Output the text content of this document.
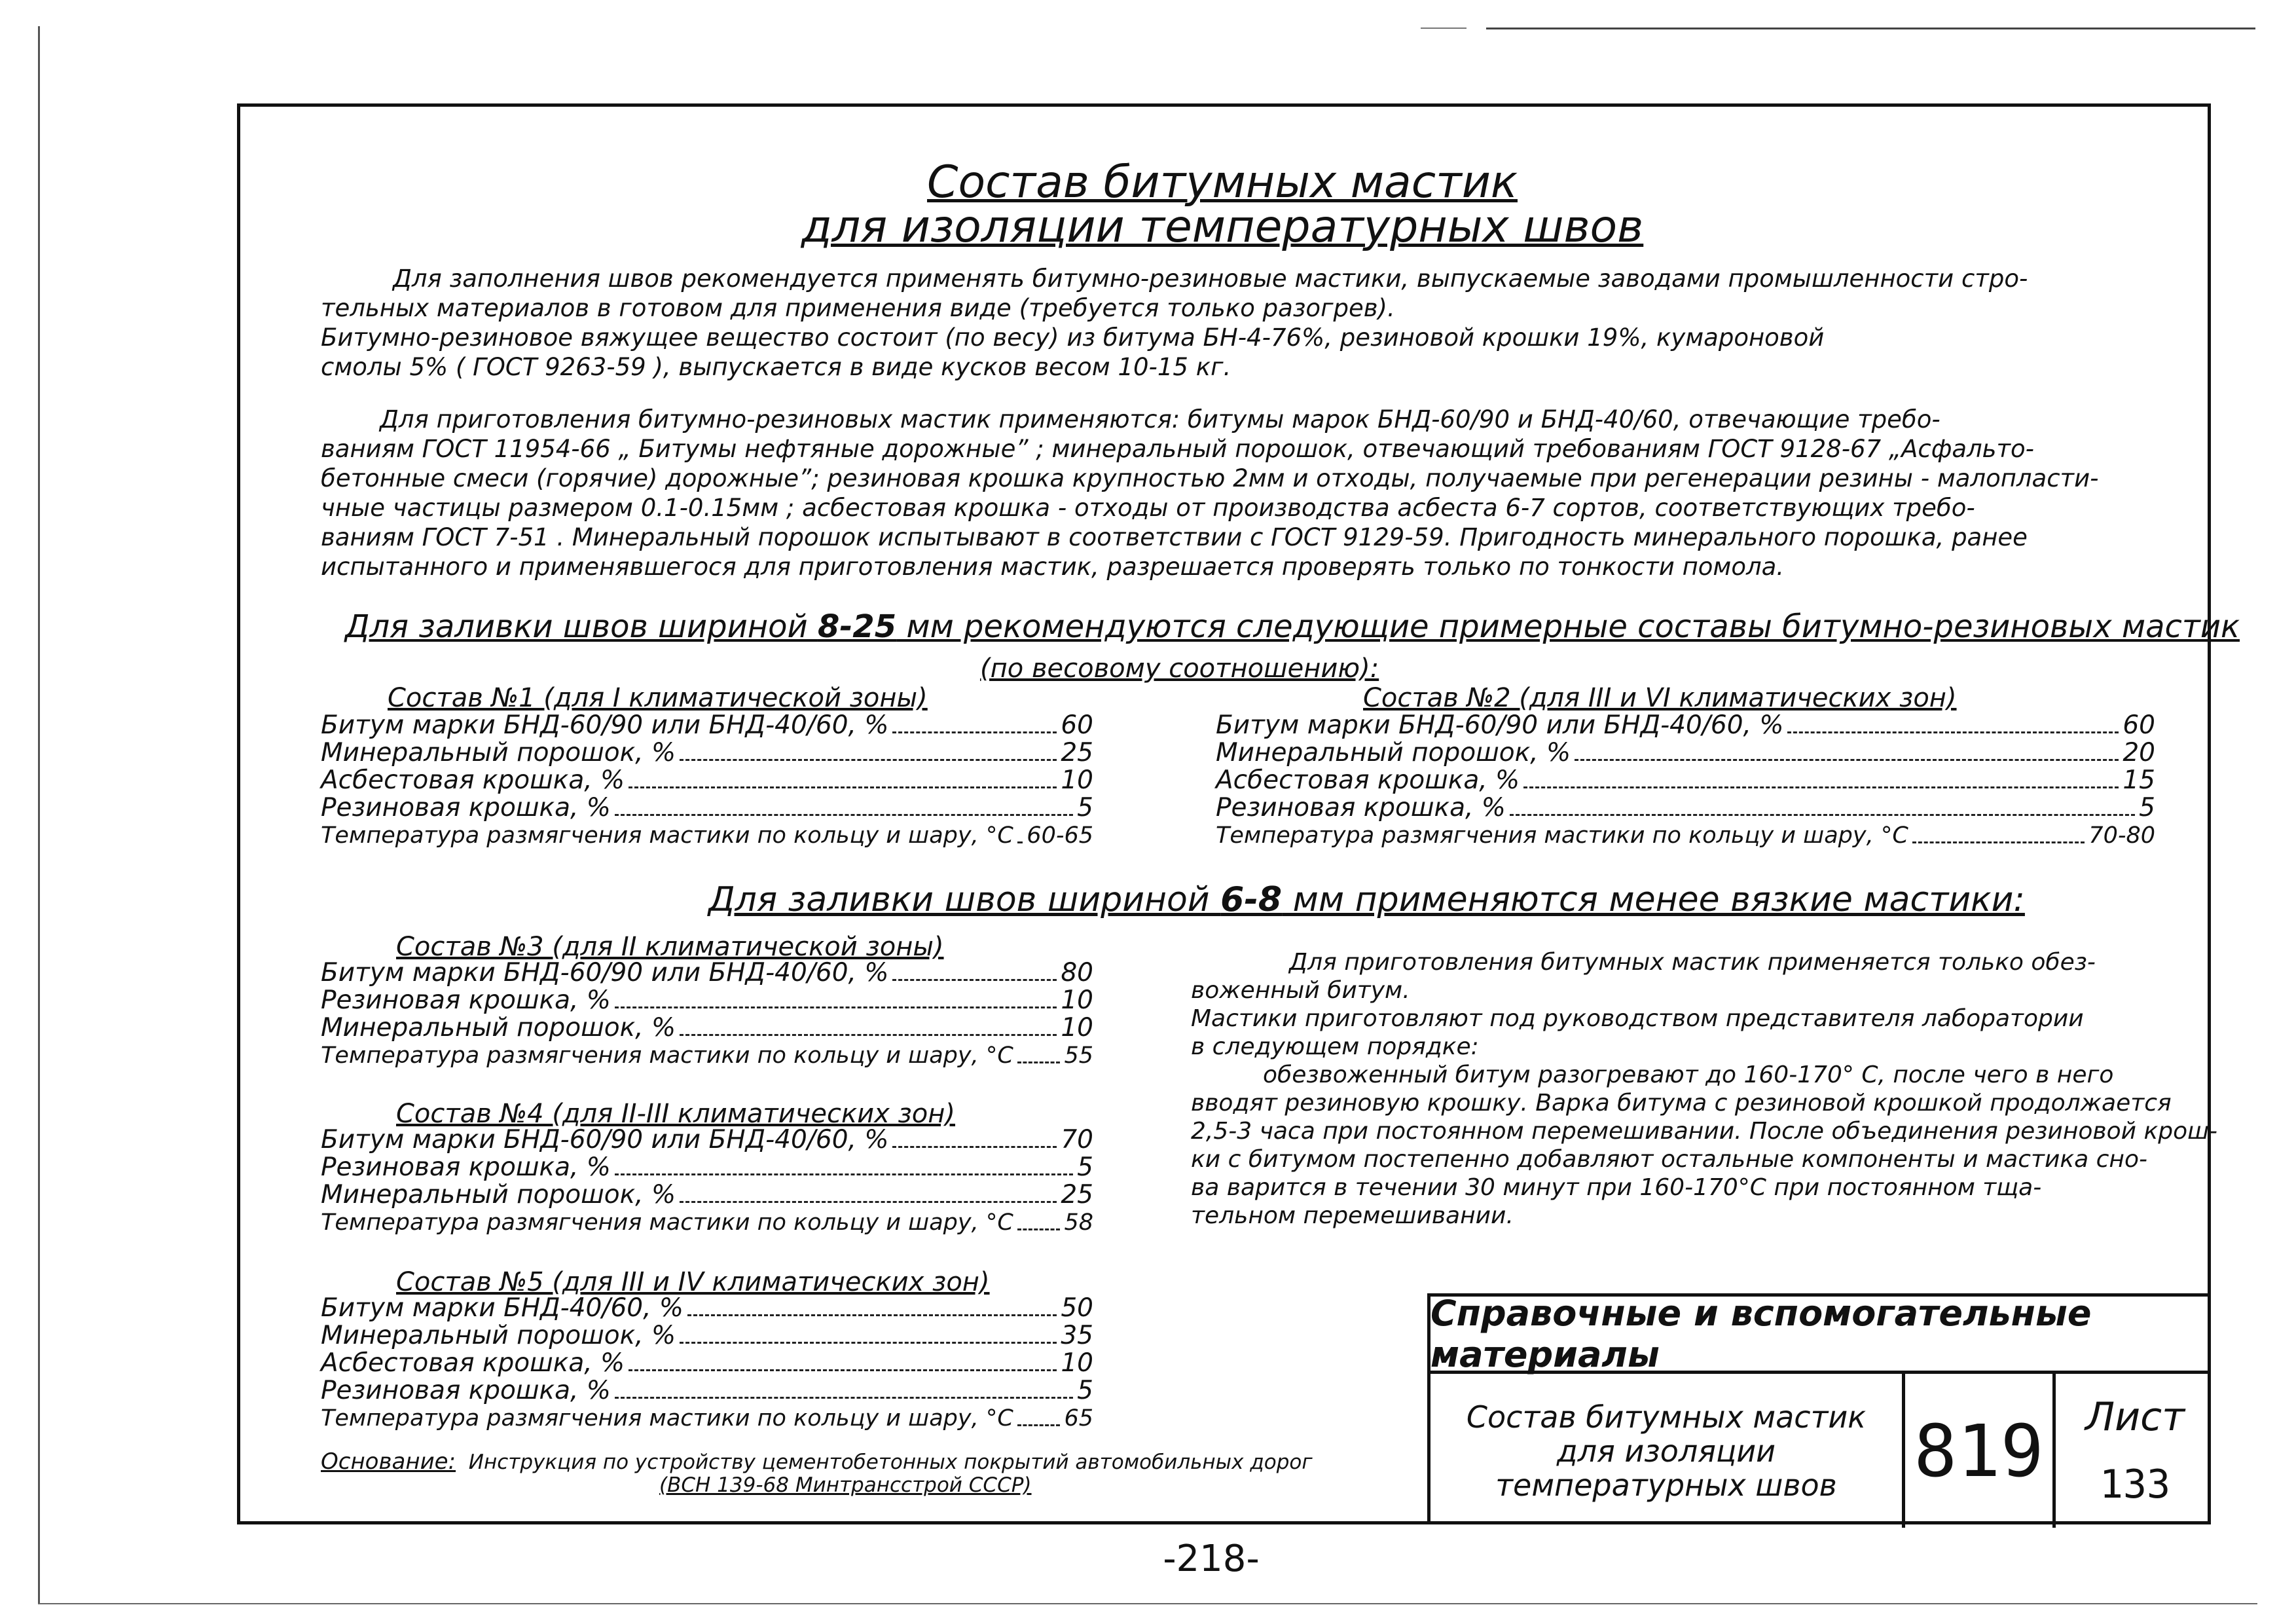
Состав битумных мастик
для изоляции температурных швов
Для заполнения швов рекомендуется применять битумно-резиновые мастики, выпускаемые заводами промышленности стро-
тельных материалов в готовом для применения виде (требуется только разогрев).
Битумно-резиновое вяжущее вещество состоит (по весу) из битума БН-4-76%, резиновой крошки 19%, кумароновой
смолы 5% ( ГОСТ 9263-59 ), выпускается в виде кусков весом 10-15 кг.
Для приготовления битумно-резиновых мастик применяются: битумы марок БНД-60/90 и БНД-40/60, отвечающие требо-
ваниям ГОСТ 11954-66 „ Битумы нефтяные дорожные” ; минеральный порошок, отвечающий требованиям ГОСТ 9128-67 „Асфальто-
бетонные смеси (горячие) дорожные”; резиновая крошка крупностью 2мм и отходы, получаемые при регенерации резины - малопласти-
чные частицы размером 0.1-0.15мм ; асбестовая крошка - отходы от производства асбеста 6-7 сортов, соответствующих требо-
ваниям ГОСТ 7-51 . Минеральный порошок испытывают в соответствии с ГОСТ 9129-59. Пригодность минерального порошка, ранее
испытанного и применявшегося для приготовления мастик, разрешается проверять только по тонкости помола.
Для заливки швов шириной 8-25 мм рекомендуются следующие примерные составы битумно-резиновых мастик
(по весовому соотношению):
Состав №1 (для I климатической зоны)
Битум марки БНД-60/90 или БНД-40/60, %	60
Минеральный порошок, %	25
Асбестовая крошка, %	10
Резиновая крошка, %	5
Температура размягчения мастики по кольцу и шару, °С 60-65
Состав №2 (для III и VI климатических зон)
Битум марки БНД-60/90 или БНД-40/60, %	60
Минеральный порошок, %	20
Асбестовая крошка, %	15
Резиновая крошка, %	5
Температура размягчения мастики по кольцу и шару, °С	70-80
Для заливки швов шириной 6-8 мм применяются менее вязкие мастики:
Состав №3 (для II климатической зоны)
Битум марки БНД-60/90 или БНД-40/60, %	80
Резиновая крошка, %	10
Минеральный порошок, %	10
Температура размягчения мастики по кольцу и шару, °С 55
Состав №4 (для II-III климатических зон)
Битум марки БНД-60/90 или БНД-40/60, %	70
Резиновая крошка, %	5
Минеральный порошок, %	25
Температура размягчения мастики по кольцу и шару, °С 58
Состав №5 (для III и IV климатических зон)
Битум марки БНД-40/60, %	50
Минеральный порошок, %	35
Асбестовая крошка, %	10
Резиновая крошка, %	5
Температура размягчения мастики по кольцу и шару, °С 65
Основание: Инструкция по устройству цементобетонных покрытий автомобильных дорог
(ВСН 139-68 Минтрансстрой СССР)
Для приготовления битумных мастик применяется только обез-
воженный битум.
Мастики приготовляют под руководством представителя лаборатории
в следующем порядке:
обезвоженный битум разогревают до 160-170° С, после чего в него
вводят резиновую крошку. Варка битума с резиновой крошкой продолжается
2,5-3 часа при постоянном перемешивании. После объединения резиновой крош-
ки с битумом постепенно добавляют остальные компоненты и мастика сно-
ва варится в течении 30 минут при 160-170°С при постоянном тща-
тельном перемешивании.
Справочные и вспомогательные материалы
Состав битумных мастик
для изоляции
температурных швов 819	Лист
133
-218-
